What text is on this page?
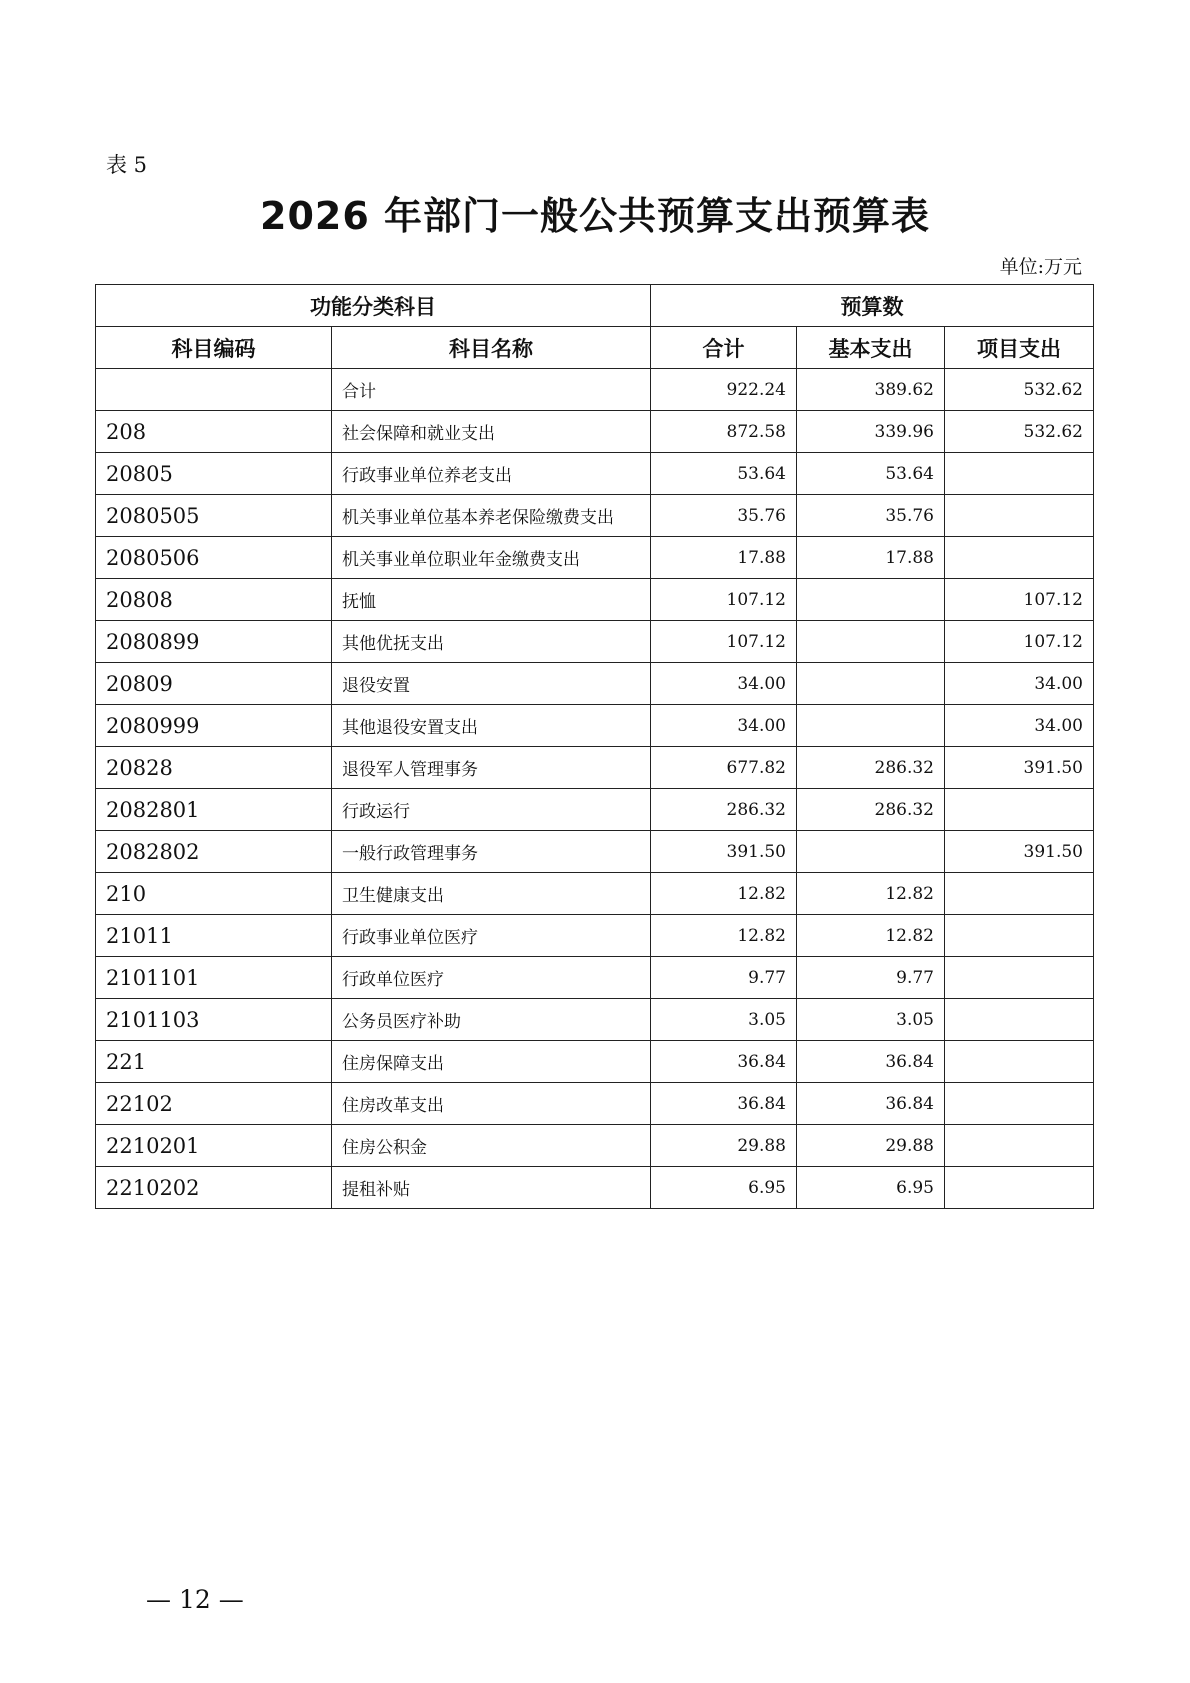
表 5
2026 年部门一般公共预算支出预算表
单位:万元
功能分类科目		预算数		
科目编码	科目名称	合计	基本支出	项目支出
	合计	922.24	389.62	532.62
208	社会保障和就业支出	872.58	339.96	532.62
20805	行政事业单位养老支出	53.64	53.64	
2080505	机关事业单位基本养老保险缴费支出	35.76	35.76	
2080506	机关事业单位职业年金缴费支出	17.88	17.88	
20808	抚恤	107.12		107.12
2080899	其他优抚支出	107.12		107.12
20809	退役安置	34.00		34.00
2080999	其他退役安置支出	34.00		34.00
20828	退役军人管理事务	677.82	286.32	391.50
2082801	行政运行	286.32	286.32	
2082802	一般行政管理事务	391.50		391.50
210	卫生健康支出	12.82	12.82	
21011	行政事业单位医疗	12.82	12.82	
2101101	行政单位医疗	9.77	9.77	
2101103	公务员医疗补助	3.05	3.05	
221	住房保障支出	36.84	36.84	
22102	住房改革支出	36.84	36.84	
2210201	住房公积金	29.88	29.88	
2210202	提租补贴	6.95	6.95	
— 12 —
